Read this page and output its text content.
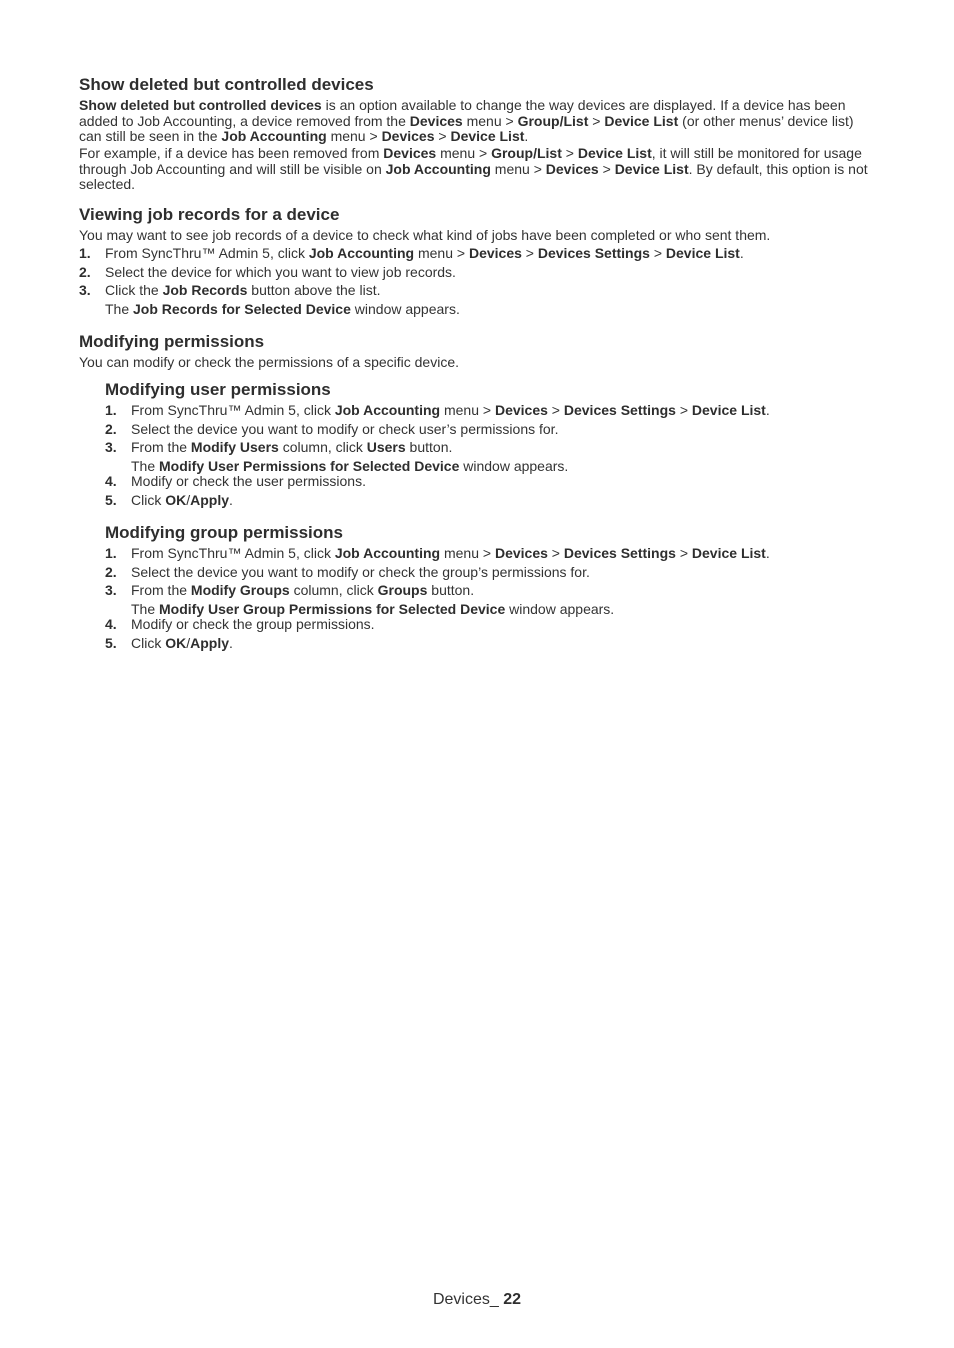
Show deleted but controlled devices

Show deleted but controlled devices is an option available to change the way devices are displayed. If a device has been added to Job Accounting, a device removed from the Devices menu > Group/List > Device List (or other menus’ device list) can still be seen in the Job Accounting menu > Devices > Device List.

For example, if a device has been removed from Devices menu > Group/List > Device List, it will still be monitored for usage through Job Accounting and will still be visible on Job Accounting menu > Devices > Device List. By default, this option is not selected.

Viewing job records for a device

You may want to see job records of a device to check what kind of jobs have been completed or who sent them.

1. From SyncThru™ Admin 5, click Job Accounting menu > Devices > Devices Settings > Device List.
2. Select the device for which you want to view job records.
3. Click the Job Records button above the list.
The Job Records for Selected Device window appears.
Modifying permissions

You can modify or check the permissions of a specific device.

Modifying user permissions
1. From SyncThru™ Admin 5, click Job Accounting menu > Devices > Devices Settings > Device List.
2. Select the device you want to modify or check user’s permissions for.
3. From the Modify Users column, click Users button.
The Modify User Permissions for Selected Device window appears.
4. Modify or check the user permissions.
5. Click OK/Apply.
Modifying group permissions
1. From SyncThru™ Admin 5, click Job Accounting menu > Devices > Devices Settings > Device List.
2. Select the device you want to modify or check the group’s permissions for.
3. From the Modify Groups column, click Groups button.
The Modify User Group Permissions for Selected Device window appears.
4. Modify or check the group permissions.
5. Click OK/Apply.
Devices_ 22
